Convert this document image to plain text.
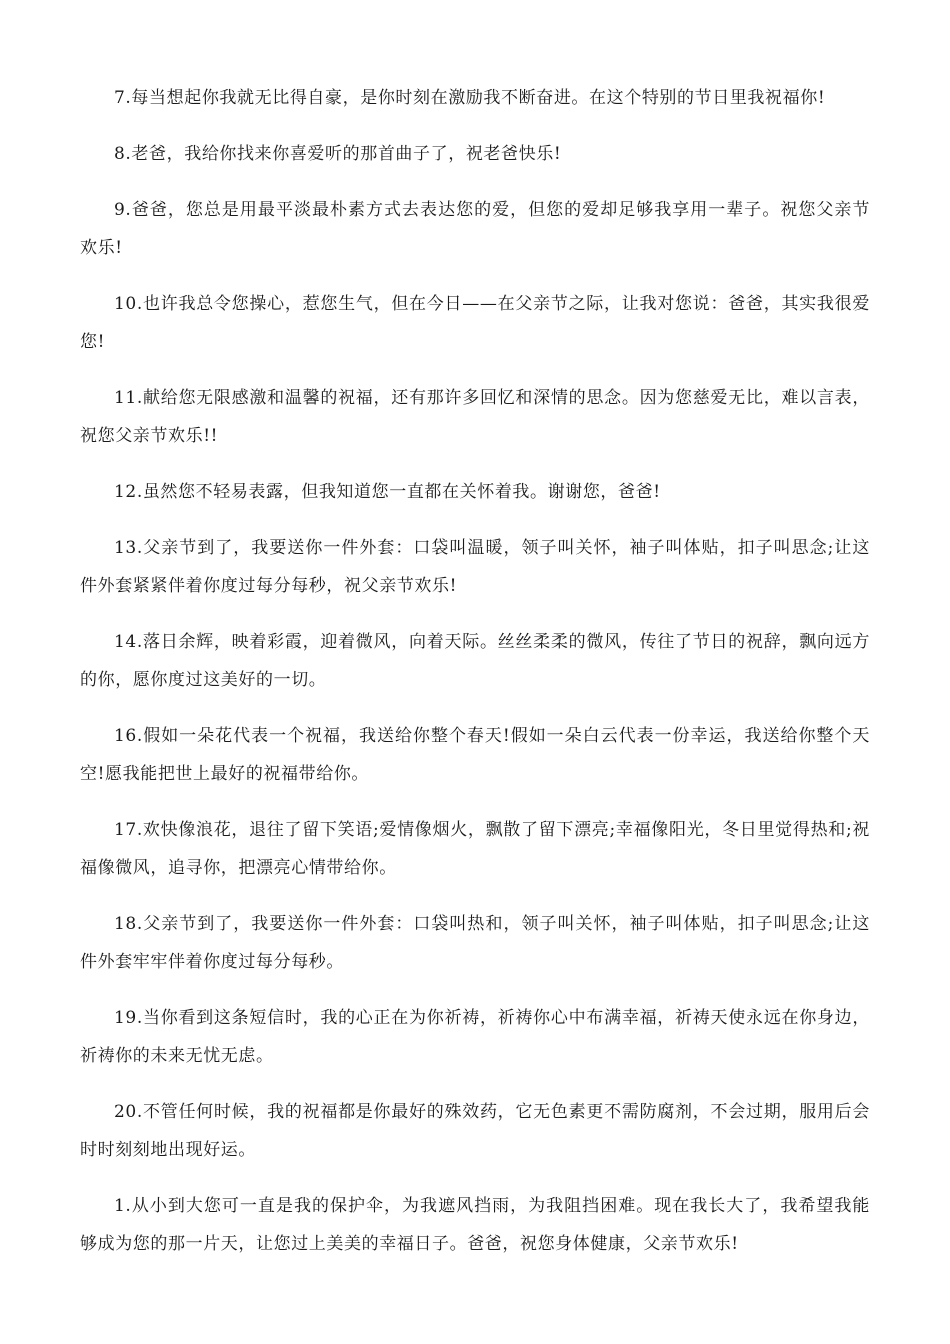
7.每当想起你我就无比得自豪，是你时刻在激励我不断奋进。在这个特别的节日里我祝福你!

8.老爸，我给你找来你喜爱听的那首曲子了，祝老爸快乐!

9.爸爸，您总是用最平淡最朴素方式去表达您的爱，但您的爱却足够我享用一辈子。祝您父亲节欢乐!

10.也许我总令您操心，惹您生气，但在今日——在父亲节之际，让我对您说：爸爸，其实我很爱您!

11.献给您无限感激和温馨的祝福，还有那许多回忆和深情的思念。因为您慈爱无比，难以言表，祝您父亲节欢乐!!

12.虽然您不轻易表露，但我知道您一直都在关怀着我。谢谢您，爸爸!

13.父亲节到了，我要送你一件外套：口袋叫温暖，领子叫关怀，袖子叫体贴，扣子叫思念;让这件外套紧紧伴着你度过每分每秒，祝父亲节欢乐!

14.落日余辉，映着彩霞，迎着微风，向着天际。丝丝柔柔的微风，传往了节日的祝辞，飘向远方的你，愿你度过这美好的一切。

16.假如一朵花代表一个祝福，我送给你整个春天!假如一朵白云代表一份幸运，我送给你整个天空!愿我能把世上最好的祝福带给你。

17.欢快像浪花，退往了留下笑语;爱情像烟火，飘散了留下漂亮;幸福像阳光，冬日里觉得热和;祝福像微风，追寻你，把漂亮心情带给你。

18.父亲节到了，我要送你一件外套：口袋叫热和，领子叫关怀，袖子叫体贴，扣子叫思念;让这件外套牢牢伴着你度过每分每秒。

19.当你看到这条短信时，我的心正在为你祈祷，祈祷你心中布满幸福，祈祷天使永远在你身边，祈祷你的未来无忧无虑。

20.不管任何时候，我的祝福都是你最好的殊效药，它无色素更不需防腐剂，不会过期，服用后会时时刻刻地出现好运。

1.从小到大您可一直是我的保护伞，为我遮风挡雨，为我阻挡困难。现在我长大了，我希望我能够成为您的那一片天，让您过上美美的幸福日子。爸爸，祝您身体健康，父亲节欢乐!
